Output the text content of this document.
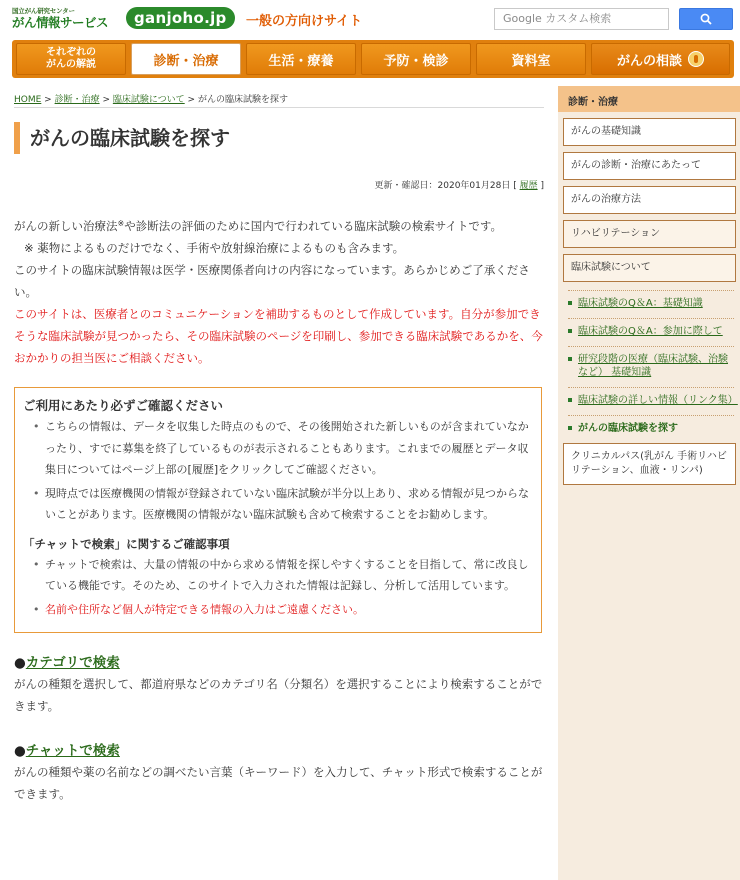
国立がん研究センター
がん情報サービス	ganjoho.jp	一般の方向けサイト	Google カスタム検索
それぞれの
がんの解説	診断・治療	生活・療養	予防・検診	資料室	がんの相談
HOME > 診断・治療 > 臨床試験について > がんの臨床試験を探す
がんの臨床試験を探す
更新・確認日：2020年01月28日 [ 履歴 ]

がんの新しい治療法※や診断法の評価のために国内で行われている臨床試験の検索サイトです。

※ 薬物によるものだけでなく、手術や放射線治療によるものも含みます。

このサイトの臨床試験情報は医学・医療関係者向けの内容になっています。あらかじめご了承ください。

このサイトは、医療者とのコミュニケーションを補助するものとして作成しています。自分が参加できそうな臨床試験が見つかったら、その臨床試験のページを印刷し、参加できる臨床試験であるかを、今おかかりの担当医にご相談ください。

ご利用にあたり必ずご確認ください
• こちらの情報は、データを収集した時点のもので、その後開始された新しいものが含まれていなかったり、すでに募集を終了しているものが表示されることもあります。これまでの履歴とデータ収集日についてはページ上部の[履歴]をクリックしてご確認ください。
• 現時点では医療機関の情報が登録されていない臨床試験が半分以上あり、求める情報が見つからないことがあります。医療機関の情報がない臨床試験も含めて検索することをお勧めします。
「チャットで検索」に関するご確認事項
• チャットで検索は、大量の情報の中から求める情報を探しやすくすることを目指して、常に改良している機能です。そのため、このサイトで入力された情報は記録し、分析して活用しています。
• 名前や住所など個人が特定できる情報の入力はご遠慮ください。
●カテゴリで検索
がんの種類を選択して、都道府県などのカテゴリ名（分類名）を選択することにより検索することができます。
●チャットで検索
がんの種類や薬の名前などの調べたい言葉（キーワード）を入力して、チャット形式で検索することができます。
診断・治療
がんの基礎知識
がんの診断・治療にあたって
がんの治療方法
リハビリテーション
臨床試験について
臨床試験のQ＆A：基礎知識
臨床試験のQ＆A：参加に際して
研究段階の医療（臨床試験、治験など） 基礎知識
臨床試験の詳しい情報（リンク集）
がんの臨床試験を探す
クリニカルパス(乳がん 手術リハビリテーション、血液・リンパ)
